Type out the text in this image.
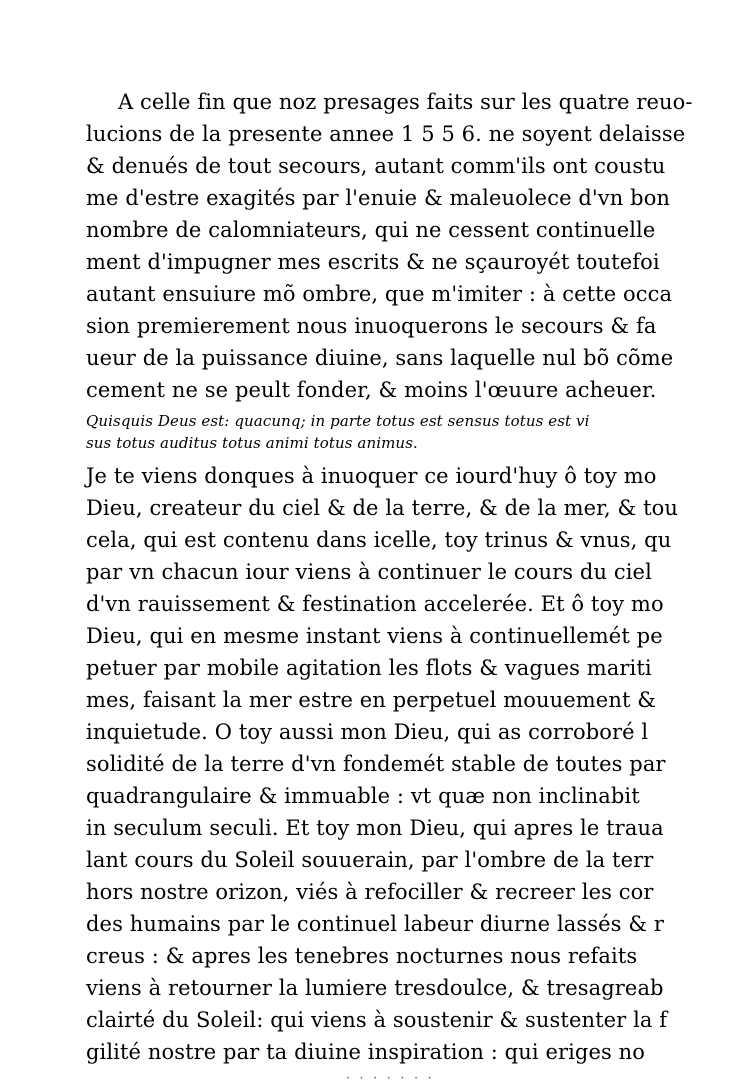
A celle fin que noz presages faits sur les quatre reuo-
lucions de la presente annee 1 5 5 6. ne soyent delaisse
& denués de tout secours, autant comm'ils ont coustu
me d'estre exagités par l'enuie & maleuolece d'vn bon
nombre de calomniateurs, qui ne cessent continuelle
ment d'impugner mes escrits & ne sçauroyét toutefoi
autant ensuiure mõ ombre, que m'imiter : à cette occa
sion premierement nous inuoquerons le secours & fa
ueur de la puissance diuine, sans laquelle nul bõ cõme
cement ne se peult fonder, & moins l'œuure acheuer.
Quisquis Deus est: quacunq; in parte totus est sensus totus est vi
sus totus auditus totus animi totus animus.
Je te viens donques à inuoquer ce iourd'huy ô toy mo
Dieu, createur du ciel & de la terre, & de la mer, & tou
cela, qui est contenu dans icelle, toy trinus & vnus, qu
par vn chacun iour viens à continuer le cours du ciel
d'vn rauissement & festination accelerée. Et ô toy mo
Dieu, qui en mesme instant viens à continuellemét pe
petuer par mobile agitation les flots & vagues mariti
mes, faisant la mer estre en perpetuel mouuement &
inquietude. O toy aussi mon Dieu, qui as corroboré l
solidité de la terre d'vn fondemét stable de toutes par
quadrangulaire & immuable : vt quæ non inclinabit
in seculum seculi. Et toy mon Dieu, qui apres le traua
lant cours du Soleil souuerain, par l'ombre de la terr
hors nostre orizon, viés à refociller & recreer les cor
des humains par le continuel labeur diurne lassés & r
creus : & apres les tenebres nocturnes nous refaits
viens à retourner la lumiere tresdoulce, & tresagreab
clairté du Soleil: qui viens à soustenir & sustenter la f
gilité nostre par ta diuine inspiration : qui eriges no
· · · · · · ·
